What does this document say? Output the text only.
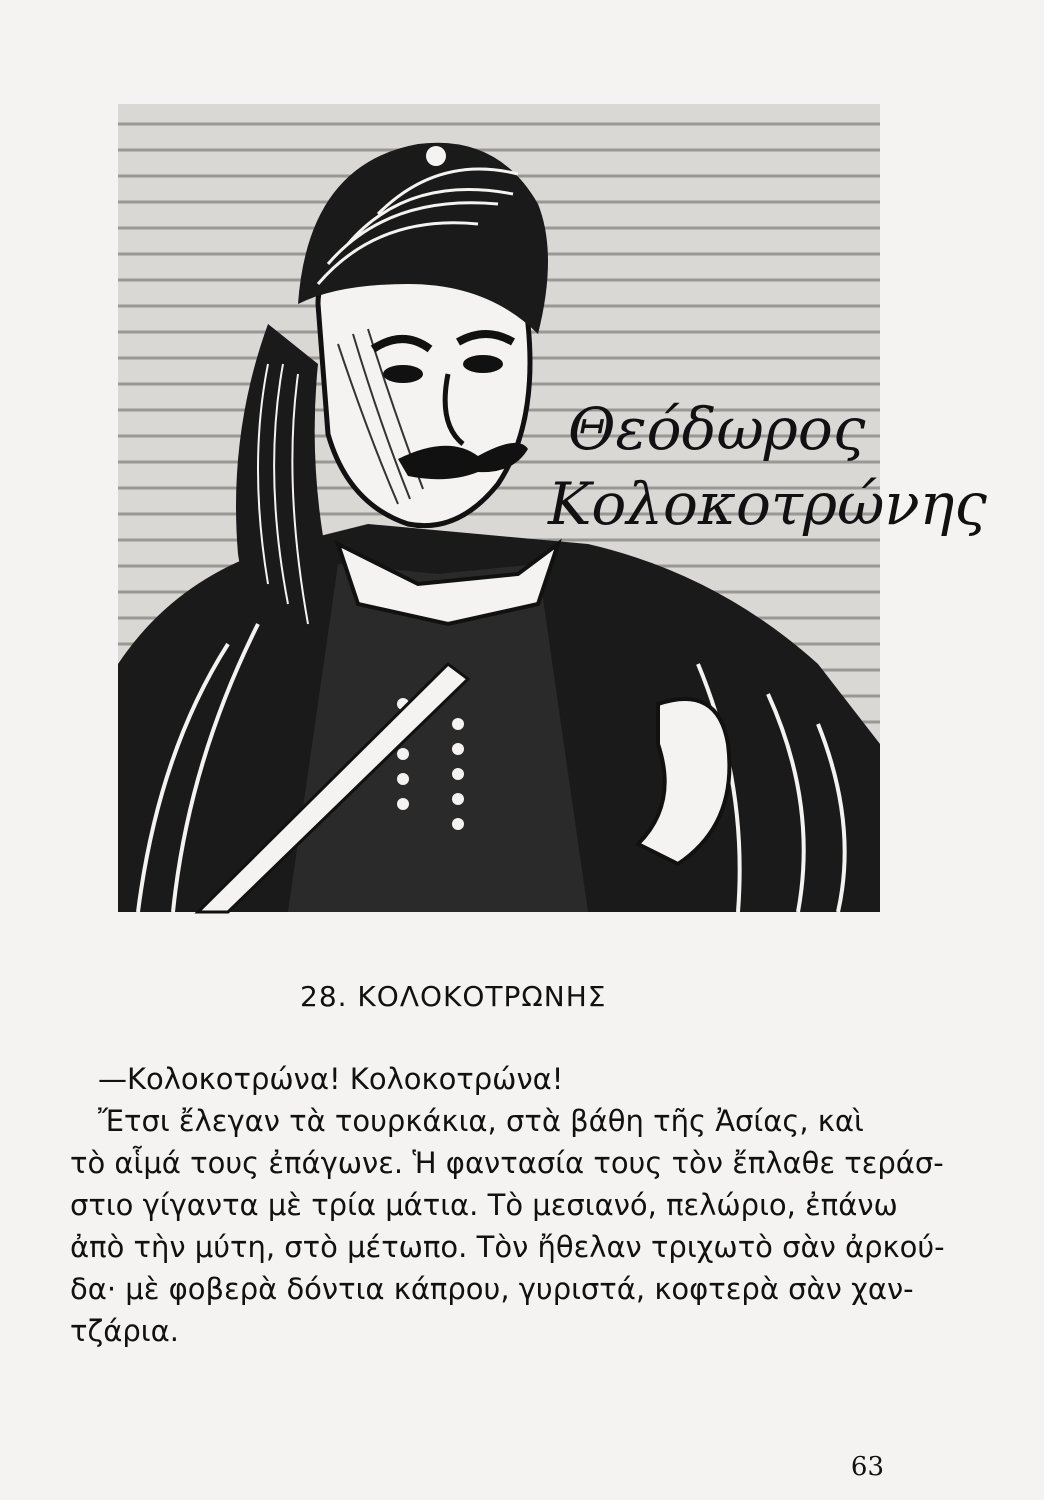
Θεόδωρος
Κολοκοτρώνης
28. ΚΟΛΟΚΟΤΡΩΝΗΣ
—Κολοκοτρώνα! Κολοκοτρώνα!
Ἔτσι ἔλεγαν τὰ τουρκάκια, στὰ βάθη τῆς Ἀσίας, καὶ
τὸ αἷμά τους ἐπάγωνε. Ἡ φαντασία τους τὸν ἔπλαθε τεράσ-
στιο γίγαντα μὲ τρία μάτια. Τὸ μεσιανό, πελώριο, ἐπάνω
ἀπὸ τὴν μύτη, στὸ μέτωπο. Τὸν ἤθελαν τριχωτὸ σὰν ἀρκού-
δα· μὲ φοβερὰ δόντια κάπρου, γυριστά, κοφτερὰ σὰν χαν-
τζάρια.
63
